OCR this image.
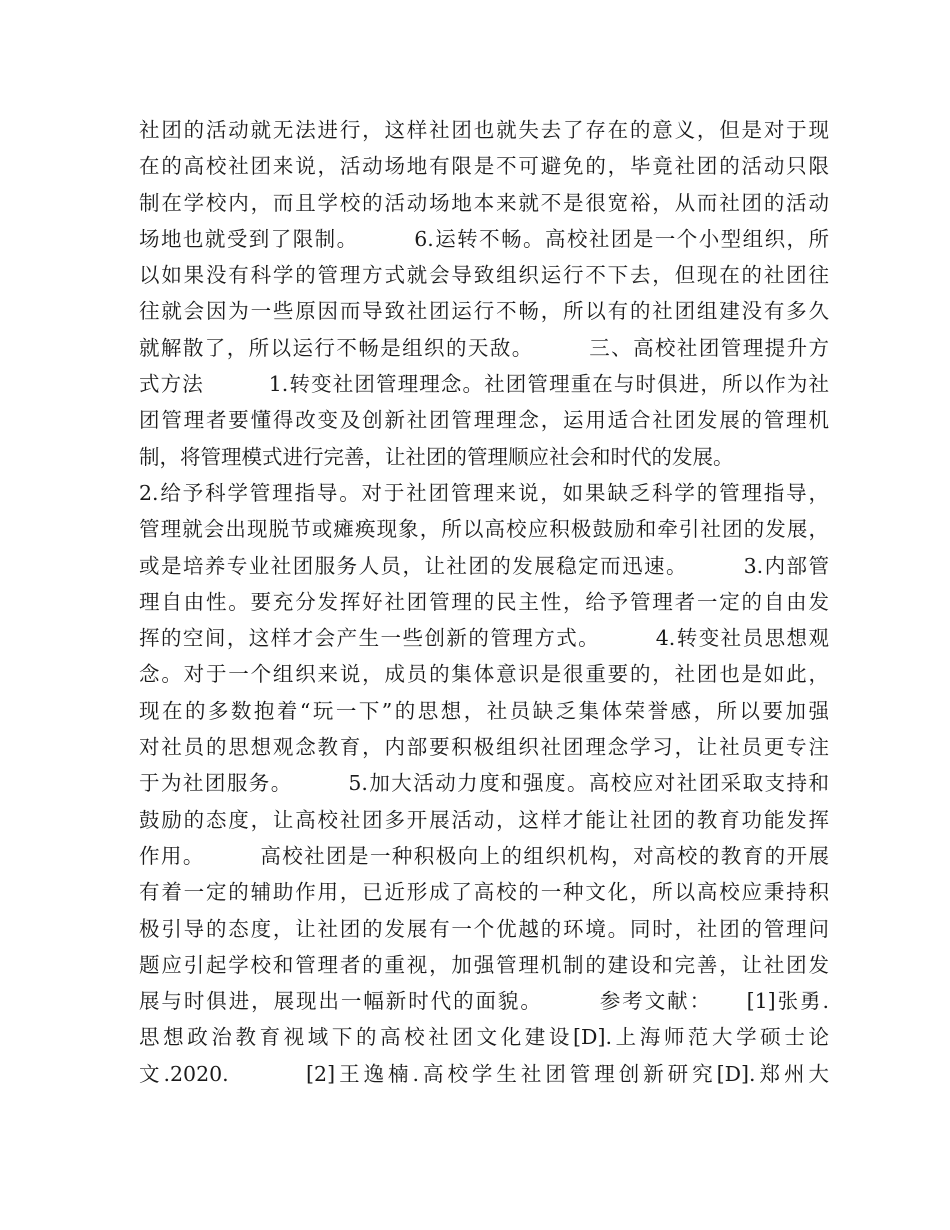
社团的活动就无法进行，这样社团也就失去了存在的意义，但是对于现
在的高校社团来说，活动场地有限是不可避免的，毕竟社团的活动只限
制在学校内，而且学校的活动场地本来就不是很宽裕，从而社团的活动
场地也就受到了限制。　　　6.运转不畅。高校社团是一个小型组织，所
以如果没有科学的管理方式就会导致组织运行不下去，但现在的社团往
往就会因为一些原因而导致社团运行不畅，所以有的社团组建没有多久
就解散了，所以运行不畅是组织的天敌。　　　三、高校社团管理提升方
式方法　　　1.转变社团管理理念。社团管理重在与时俱进，所以作为社
团管理者要懂得改变及创新社团管理理念，运用适合社团发展的管理机
制，将管理模式进行完善，让社团的管理顺应社会和时代的发展。
2.给予科学管理指导。对于社团管理来说，如果缺乏科学的管理指导，
管理就会出现脱节或瘫痪现象，所以高校应积极鼓励和牵引社团的发展，
或是培养专业社团服务人员，让社团的发展稳定而迅速。　　　3.内部管
理自由性。要充分发挥好社团管理的民主性，给予管理者一定的自由发
挥的空间，这样才会产生一些创新的管理方式。　　　4.转变社员思想观
念。对于一个组织来说，成员的集体意识是很重要的，社团也是如此，
现在的多数抱着“玩一下”的思想，社员缺乏集体荣誉感，所以要加强
对社员的思想观念教育，内部要积极组织社团理念学习，让社员更专注
于为社团服务。　　　5.加大活动力度和强度。高校应对社团采取支持和
鼓励的态度，让高校社团多开展活动，这样才能让社团的教育功能发挥
作用。　　　高校社团是一种积极向上的组织机构，对高校的教育的开展
有着一定的辅助作用，已近形成了高校的一种文化，所以高校应秉持积
极引导的态度，让社团的发展有一个优越的环境。同时，社团的管理问
题应引起学校和管理者的重视，加强管理机制的建设和完善，让社团发
展与时俱进，展现出一幅新时代的面貌。　　　参考文献：　　[1]张勇.
思想政治教育视域下的高校社团文化建设[D].上海师范大学硕士论
文.2020.　　　[2]王逸楠.高校学生社团管理创新研究[D].郑州大
